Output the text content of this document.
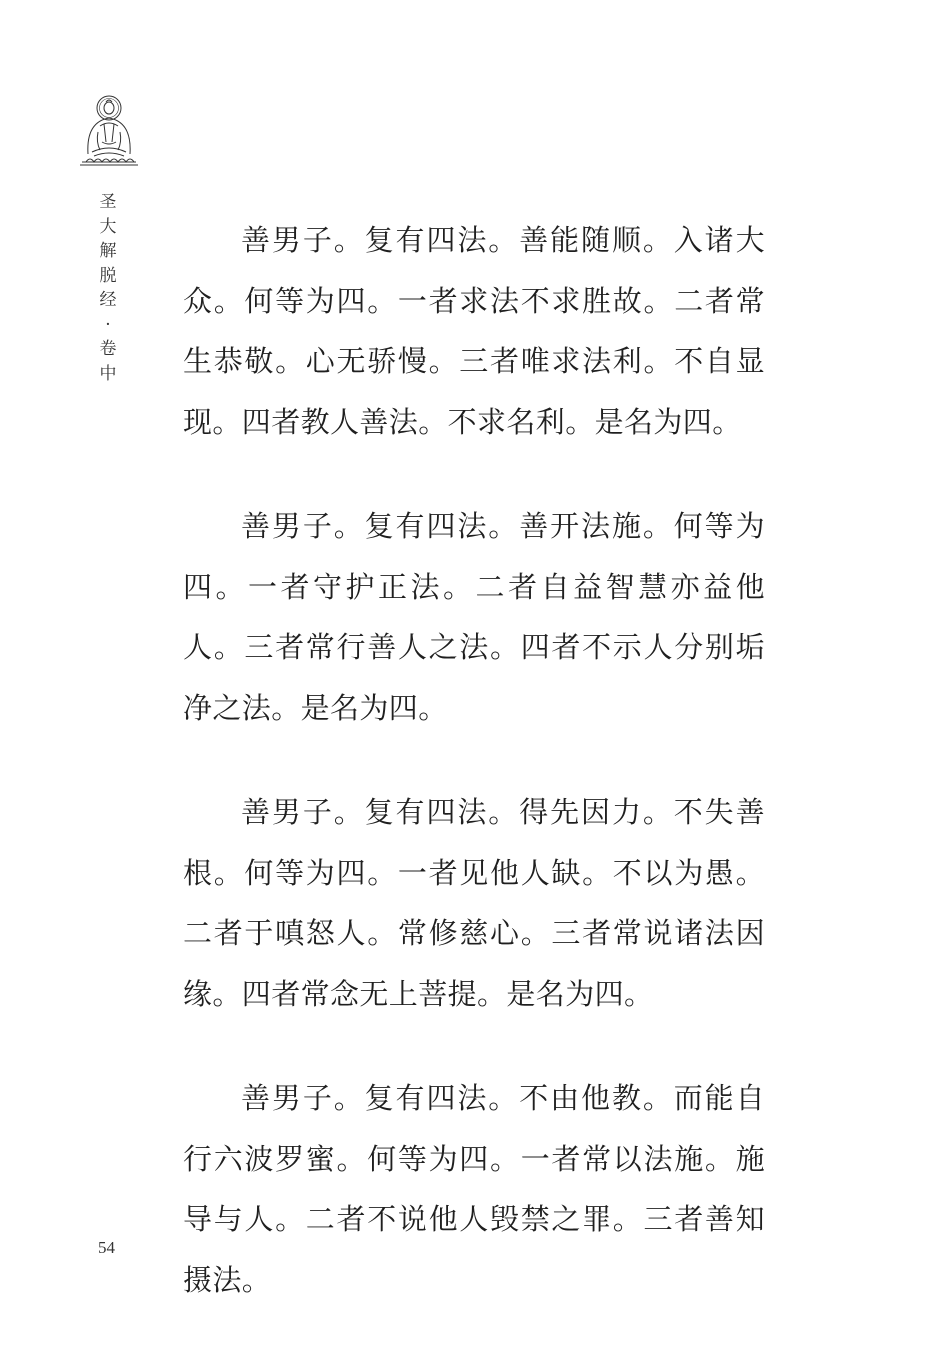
圣
大
解
脱
经
·
卷
中

善男子。复有四法。善能随顺。入诸大众。何等为四。一者求法不求胜故。二者常生恭敬。心无骄慢。三者唯求法利。不自显现。四者教人善法。不求名利。是名为四。

善男子。复有四法。善开法施。何等为四。一者守护正法。二者自益智慧亦益他人。三者常行善人之法。四者不示人分别垢净之法。是名为四。

善男子。复有四法。得先因力。不失善根。何等为四。一者见他人缺。不以为愚。二者于嗔怒人。常修慈心。三者常说诸法因缘。四者常念无上菩提。是名为四。

善男子。复有四法。不由他教。而能自行六波罗蜜。何等为四。一者常以法施。施导与人。二者不说他人毁禁之罪。三者善知摄法。

54
